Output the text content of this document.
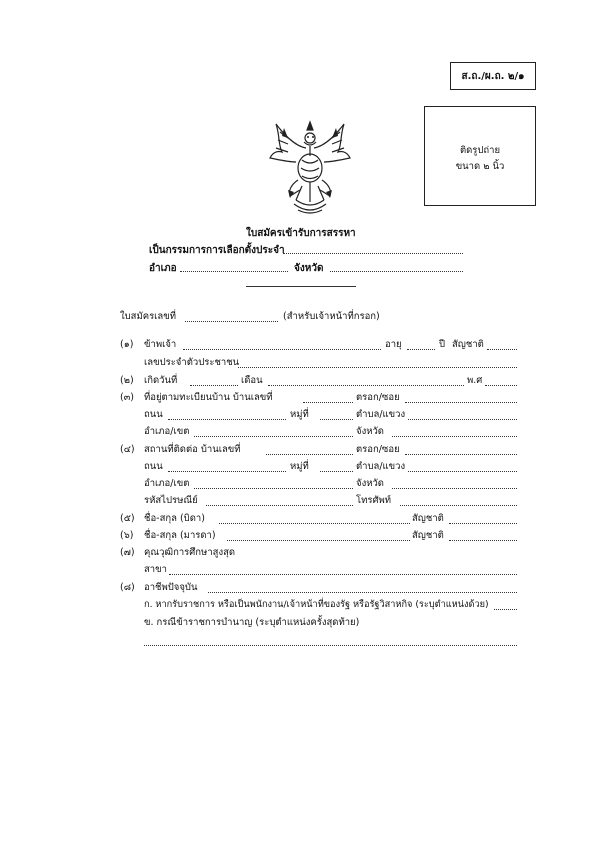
ส.ถ./ผ.ถ. ๒/๑
ติดรูปถ่าย
ขนาด ๒ นิ้ว
ใบสมัครเข้ารับการสรรหา
เป็นกรรมการการเลือกตั้งประจำ
อำเภอ	จังหวัด
ใบสมัครเลขที่	(สำหรับเจ้าหน้าที่กรอก)
(๑) ข้าพเจ้า	อายุ	ปี สัญชาติ
เลขประจำตัวประชาชน
(๒) เกิดวันที่	เดือน	พ.ศ
(๓) ที่อยู่ตามทะเบียนบ้าน บ้านเลขที่	ตรอก/ซอย
ถนน	หมู่ที่	ตำบล/แขวง
อำเภอ/เขต	จังหวัด
(๔) สถานที่ติดต่อ บ้านเลขที่	ตรอก/ซอย
ถนน	หมู่ที่	ตำบล/แขวง
อำเภอ/เขต	จังหวัด
รหัสไปรษณีย์	โทรศัพท์
(๕) ชื่อ-สกุล (บิดา)	สัญชาติ
(๖) ชื่อ-สกุล (มารดา)	สัญชาติ
(๗) คุณวุฒิการศึกษาสูงสุด
สาขา
(๘) อาชีพปัจจุบัน
ก. หากรับราชการ หรือเป็นพนักงาน/เจ้าหน้าที่ของรัฐ หรือรัฐวิสาหกิจ (ระบุตำแหน่งด้วย)
ข. กรณีข้าราชการบำนาญ (ระบุตำแหน่งครั้งสุดท้าย)
